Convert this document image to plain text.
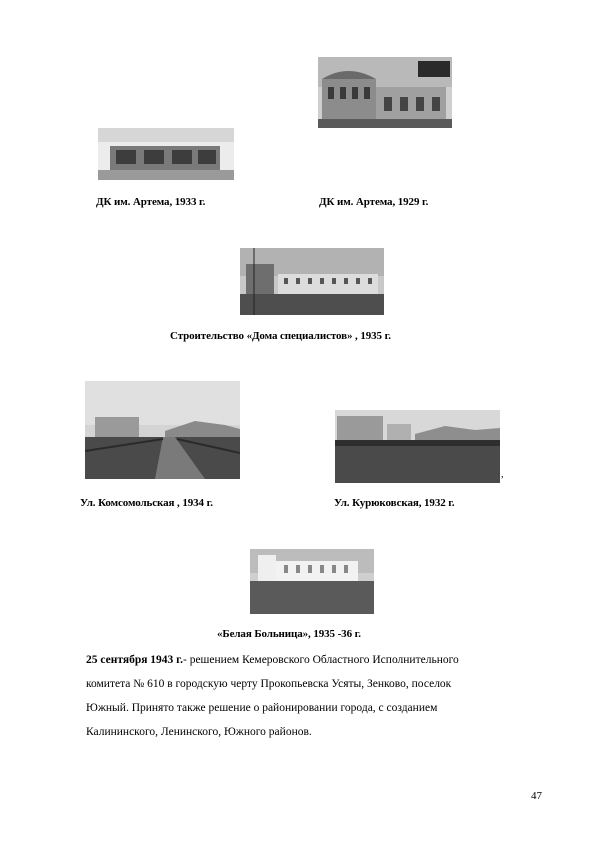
ДК им. Артема, 1933 г.	ДК им. Артема, 1929 г.
Строительство «Дома специалистов» , 1935 г.
,
Ул. Комсомольская , 1934 г.	Ул. Курюковская, 1932 г.
«Белая Больница», 1935 -36 г.
25 сентября 1943 г.- решением Кемеровского Областного Исполнительного
комитета № 610 в городскую черту Прокопьевска Усяты, Зенково, поселок
Южный. Принято также решение о районировании города, с созданием
Калининского, Ленинского, Южного районов.
47
